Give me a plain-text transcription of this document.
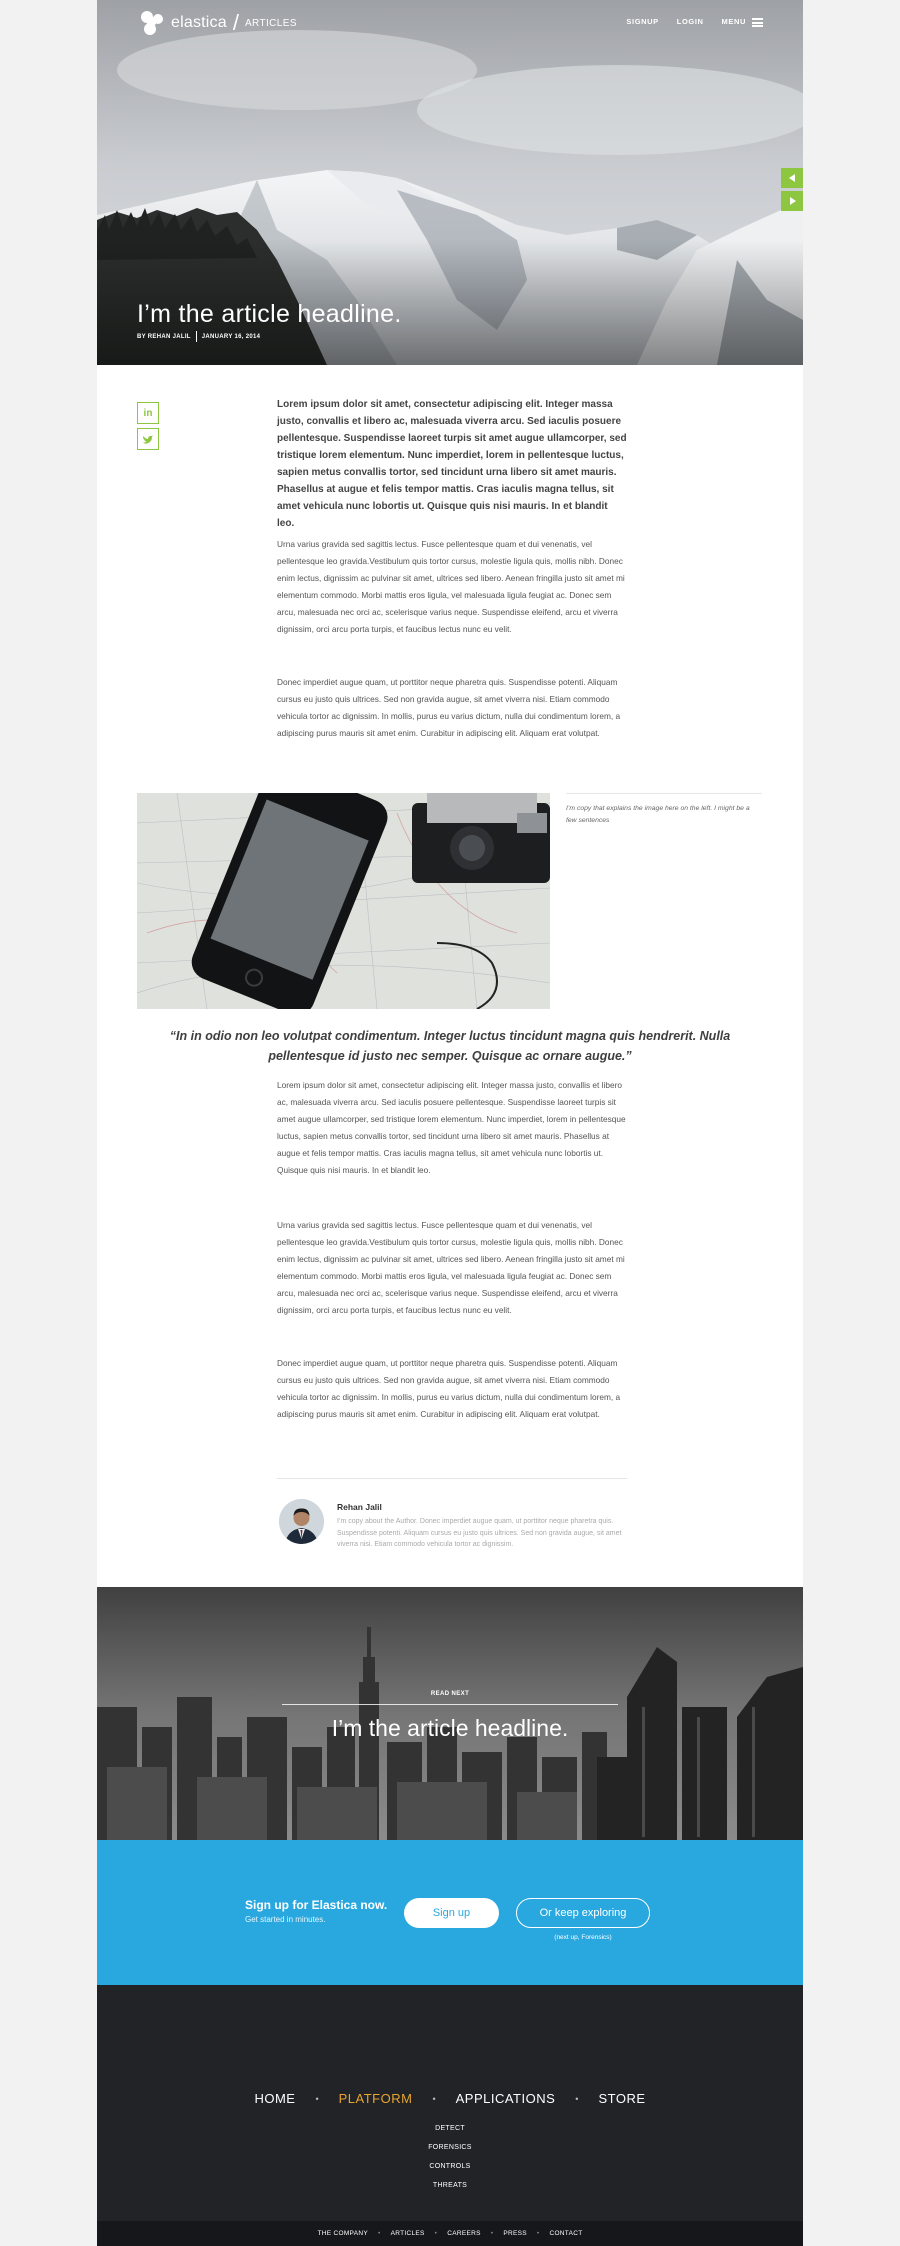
elastica / ARTICLES	SIGNUP LOGIN MENU
I’m the article headline.
BY REHAN JALIL JANUARY 16, 2014
in

Lorem ipsum dolor sit amet, consectetur adipiscing elit. Integer massa justo, convallis et libero ac, malesuada viverra arcu. Sed iaculis posuere pellentesque. Suspendisse laoreet turpis sit amet augue ullamcorper, sed tristique lorem elementum. Nunc imperdiet, lorem in pellentesque luctus, sapien metus convallis tortor, sed tincidunt urna libero sit amet mauris. Phasellus at augue et felis tempor mattis. Cras iaculis magna tellus, sit amet vehicula nunc lobortis ut. Quisque quis nisi mauris. In et blandit leo.

Urna varius gravida sed sagittis lectus. Fusce pellentesque quam et dui venenatis, vel pellentesque leo gravida.Vestibulum quis tortor cursus, molestie ligula quis, mollis nibh. Donec enim lectus, dignissim ac pulvinar sit amet, ultrices sed libero. Aenean fringilla justo sit amet mi elementum commodo. Morbi mattis eros ligula, vel malesuada ligula feugiat ac. Donec sem arcu, malesuada nec orci ac, scelerisque varius neque. Suspendisse eleifend, arcu et viverra dignissim, orci arcu porta turpis, et faucibus lectus nunc eu velit.

Donec imperdiet augue quam, ut porttitor neque pharetra quis. Suspendisse potenti. Aliquam cursus eu justo quis ultrices. Sed non gravida augue, sit amet viverra nisi. Etiam commodo vehicula tortor ac dignissim. In mollis, purus eu varius dictum, nulla dui condimentum lorem, a adipiscing purus mauris sit amet enim. Curabitur in adipiscing elit. Aliquam erat volutpat.

I’m copy that explains the image here on the left. I might be a few sentences
“In in odio non leo volutpat condimentum. Integer luctus tincidunt magna quis hendrerit. Nulla pellentesque id justo nec semper. Quisque ac ornare augue.”

Lorem ipsum dolor sit amet, consectetur adipiscing elit. Integer massa justo, convallis et libero ac, malesuada viverra arcu. Sed iaculis posuere pellentesque. Suspendisse laoreet turpis sit amet augue ullamcorper, sed tristique lorem elementum. Nunc imperdiet, lorem in pellentesque luctus, sapien metus convallis tortor, sed tincidunt urna libero sit amet mauris. Phasellus at augue et felis tempor mattis. Cras iaculis magna tellus, sit amet vehicula nunc lobortis ut. Quisque quis nisi mauris. In et blandit leo.

Urna varius gravida sed sagittis lectus. Fusce pellentesque quam et dui venenatis, vel pellentesque leo gravida.Vestibulum quis tortor cursus, molestie ligula quis, mollis nibh. Donec enim lectus, dignissim ac pulvinar sit amet, ultrices sed libero. Aenean fringilla justo sit amet mi elementum commodo. Morbi mattis eros ligula, vel malesuada ligula feugiat ac. Donec sem arcu, malesuada nec orci ac, scelerisque varius neque. Suspendisse eleifend, arcu et viverra dignissim, orci arcu porta turpis, et faucibus lectus nunc eu velit.

Donec imperdiet augue quam, ut porttitor neque pharetra quis. Suspendisse potenti. Aliquam cursus eu justo quis ultrices. Sed non gravida augue, sit amet viverra nisi. Etiam commodo vehicula tortor ac dignissim. In mollis, purus eu varius dictum, nulla dui condimentum lorem, a adipiscing purus mauris sit amet enim. Curabitur in adipiscing elit. Aliquam erat volutpat.

Rehan Jalil
I’m copy about the Author. Donec imperdiet augue quam, ut porttitor neque pharetra quis. Suspendisse potenti. Aliquam cursus eu justo quis ultrices. Sed non gravida augue, sit amet viverra nisi. Etiam commodo vehicula tortor ac dignissim.
READ NEXT
I’m the article headline.
Sign up for Elastica now.
Get started in minutes.
Sign up	Or keep exploring
(next up, Forensics)
HOME • PLATFORM • APPLICATIONS • STORE
DETECT
FORENSICS
CONTROLS
THREATS
THE COMPANY • ARTICLES • CAREERS • PRESS • CONTACT
